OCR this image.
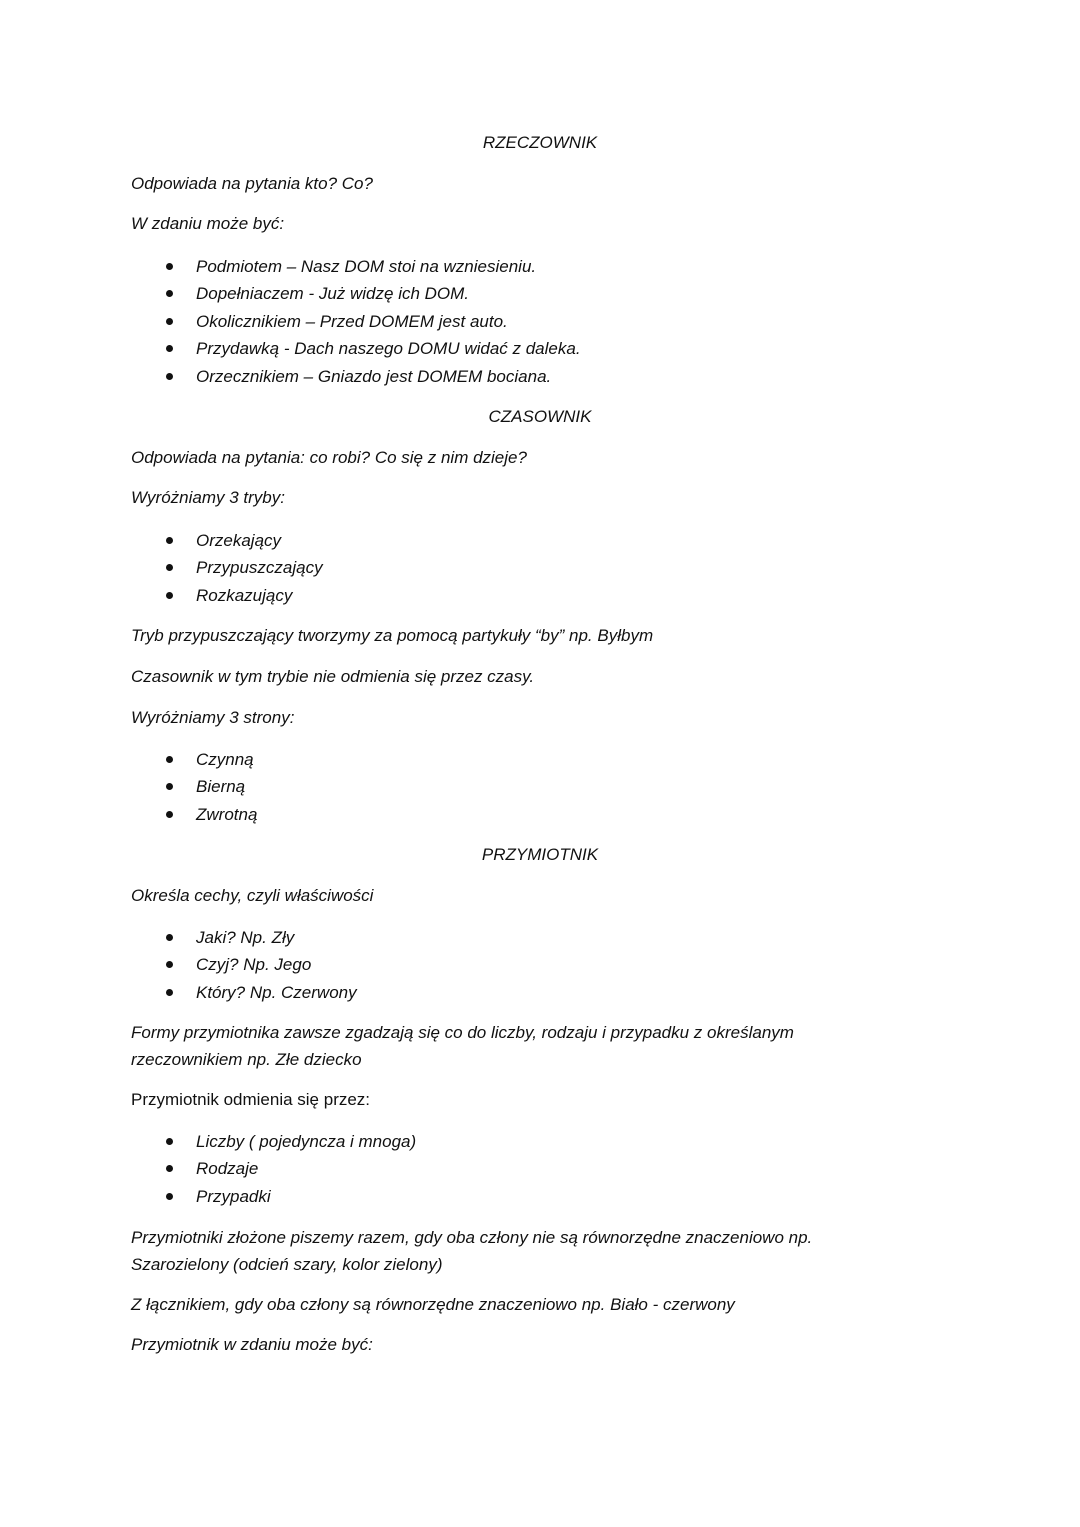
RZECZOWNIK

Odpowiada na pytania kto? Co?

W zdaniu może być:

Podmiotem – Nasz DOM stoi na wzniesieniu.
Dopełniaczem - Już widzę ich DOM.
Okolicznikiem – Przed DOMEM jest auto.
Przydawką - Dach naszego DOMU widać z daleka.
Orzecznikiem – Gniazdo jest DOMEM bociana.
CZASOWNIK

Odpowiada na pytania: co robi? Co się z nim dzieje?

Wyróżniamy 3 tryby:

Orzekający
Przypuszczający
Rozkazujący

Tryb przypuszczający tworzymy za pomocą partykuły “by” np. Byłbym

Czasownik w tym trybie nie odmienia się przez czasy.

Wyróżniamy 3 strony:

Czynną
Bierną
Zwrotną
PRZYMIOTNIK

Określa cechy, czyli właściwości

Jaki? Np. Zły
Czyj? Np. Jego
Który? Np. Czerwony

Formy przymiotnika zawsze zgadzają się co do liczby, rodzaju i przypadku z określanym rzeczownikiem np. Złe dziecko

Przymiotnik odmienia się przez:

Liczby ( pojedyncza i mnoga)
Rodzaje
Przypadki

Przymiotniki złożone piszemy razem, gdy oba człony nie są równorzędne znaczeniowo np. Szarozielony (odcień szary, kolor zielony)

Z łącznikiem, gdy oba człony są równorzędne znaczeniowo np. Biało - czerwony

Przymiotnik w zdaniu może być:
